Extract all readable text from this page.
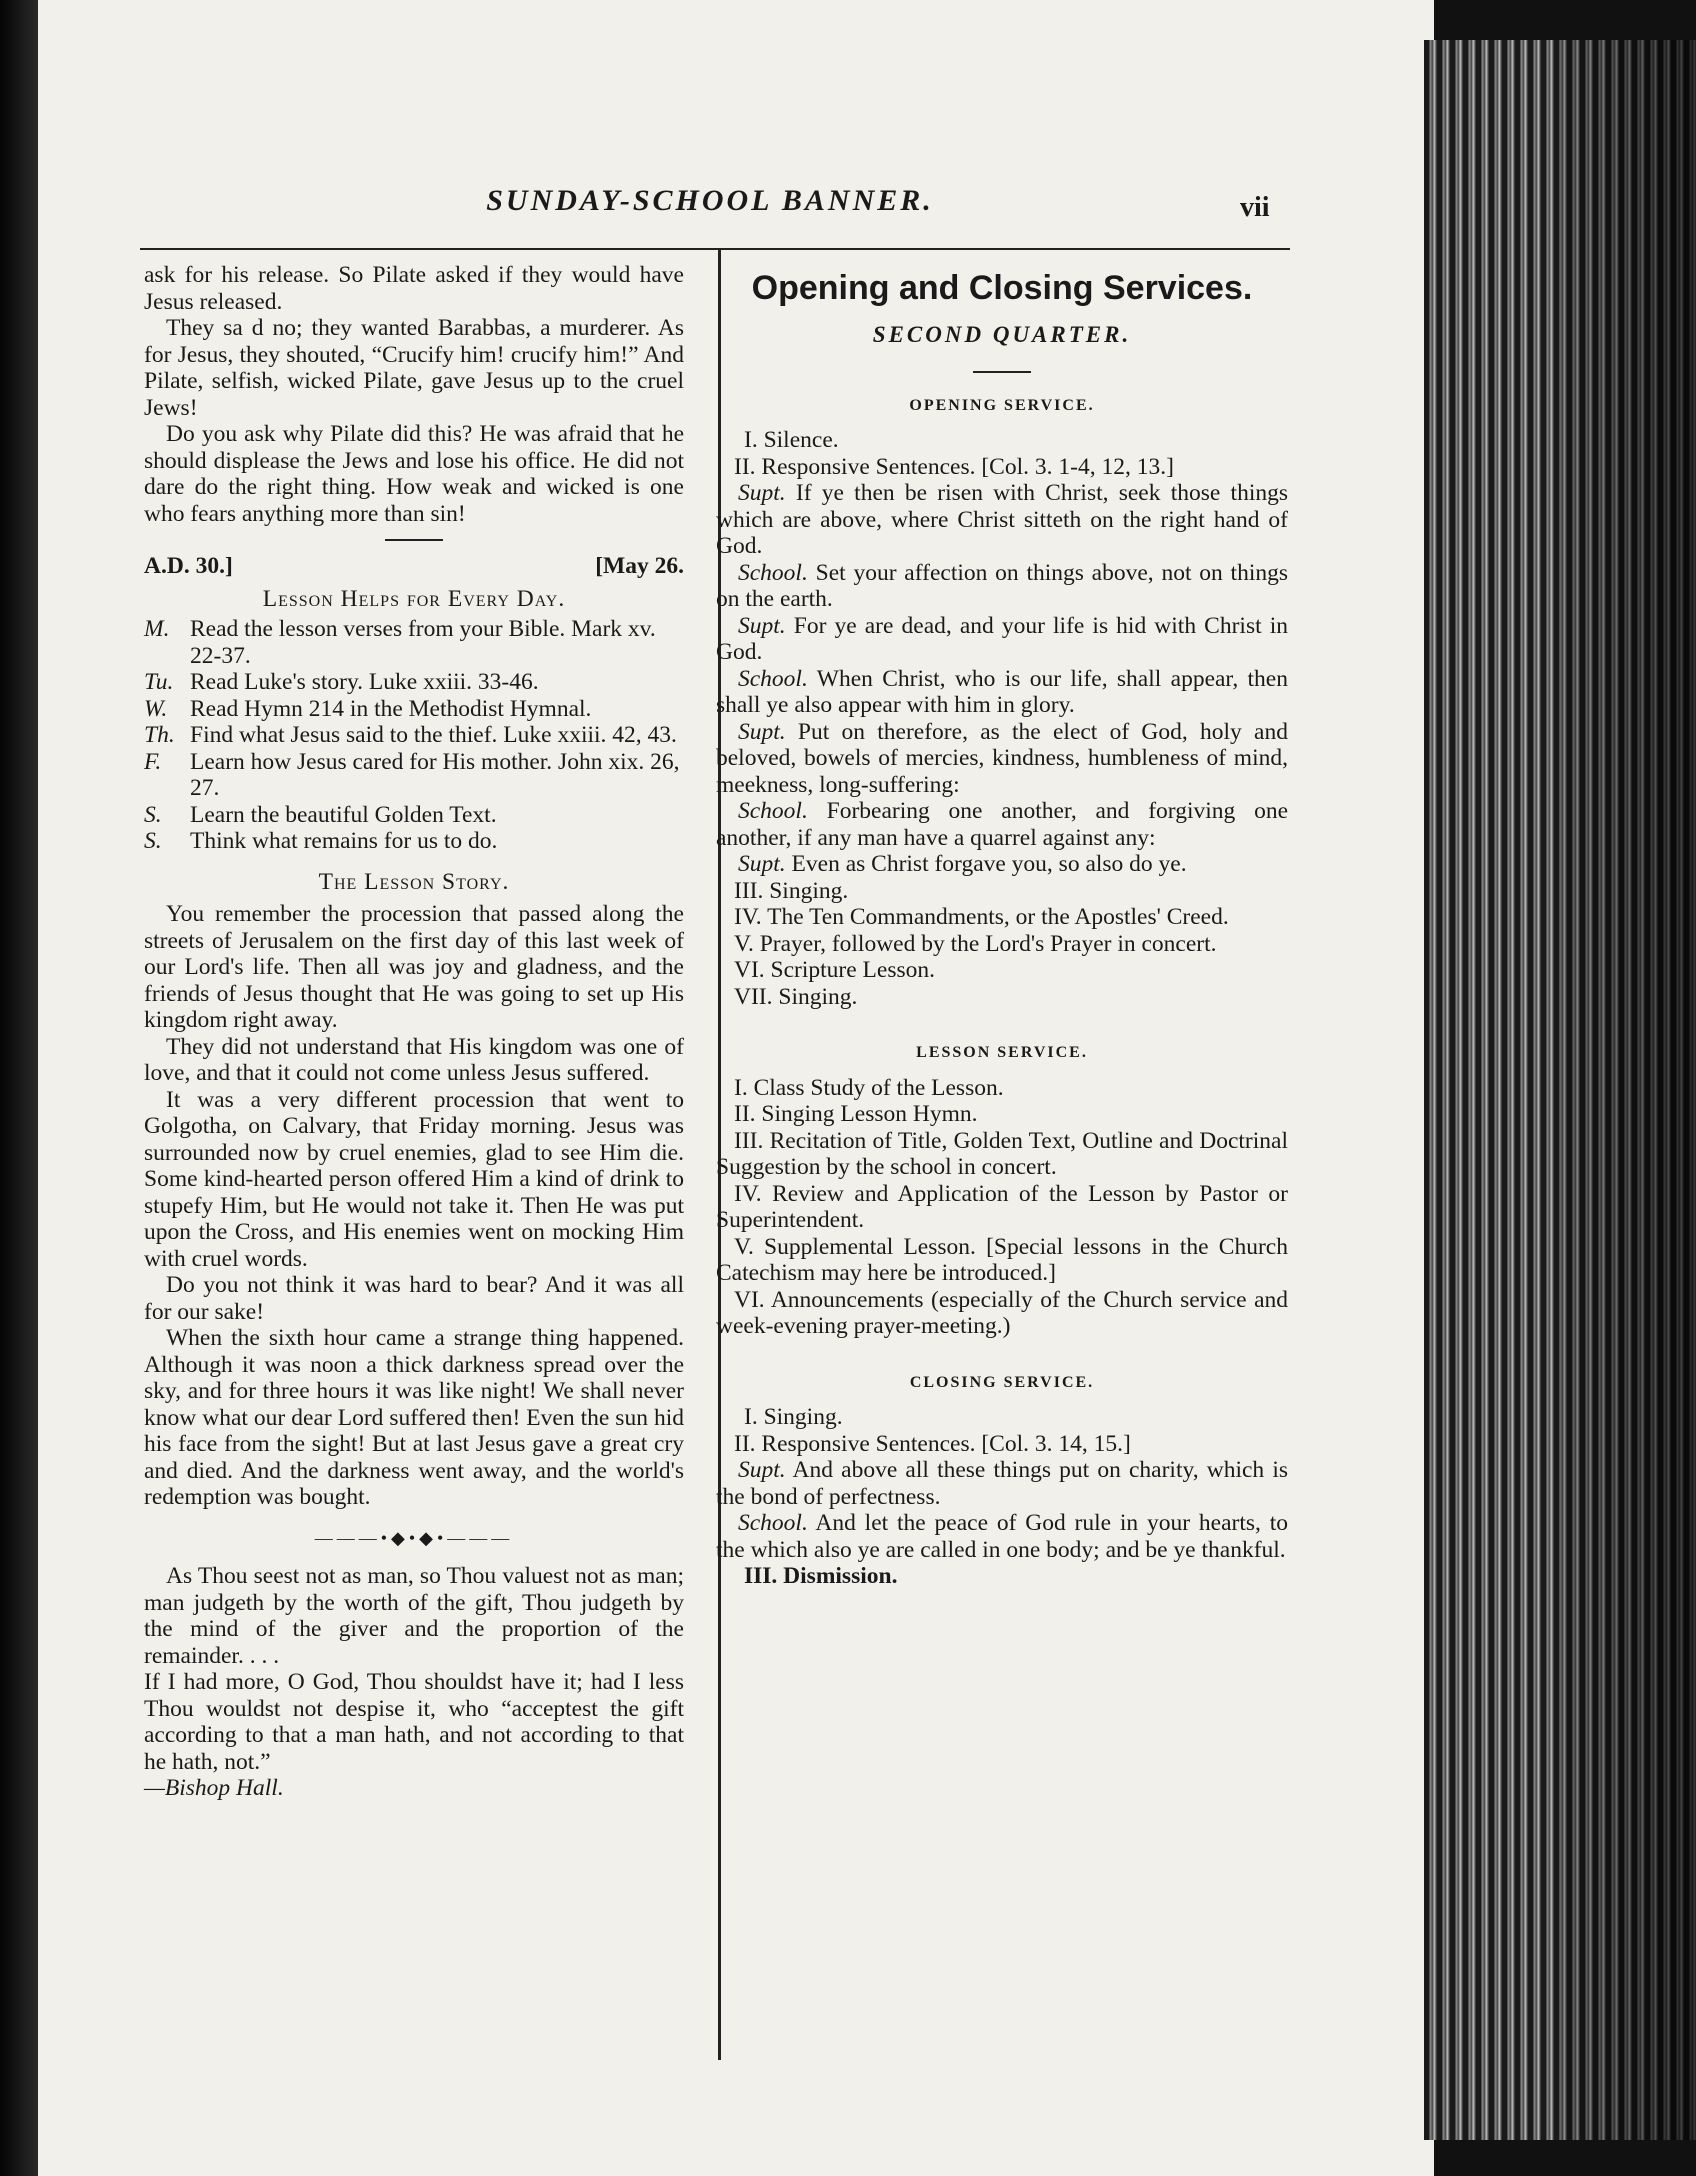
SUNDAY-SCHOOL BANNER.	vii

ask for his release. So Pilate asked if they would have Jesus released.

They sa d no; they wanted Barabbas, a murderer. As for Jesus, they shouted, “Crucify him! crucify him!” And Pilate, selfish, wicked Pilate, gave Jesus up to the cruel Jews!

Do you ask why Pilate did this? He was afraid that he should displease the Jews and lose his office. He did not dare do the right thing. How weak and wicked is one who fears anything more than sin!

A.D. 30.]	[May 26.
Lesson Helps for Every Day.
M. Read the lesson verses from your Bible. Mark xv. 22-37.
Tu. Read Luke's story. Luke xxiii. 33-46.
W. Read Hymn 214 in the Methodist Hymnal.
Th. Find what Jesus said to the thief. Luke xxiii. 42, 43.
F.	Learn how Jesus cared for His mother. John xix. 26, 27.
S.	Learn the beautiful Golden Text.
S.	Think what remains for us to do.
The Lesson Story.

You remember the procession that passed along the streets of Jerusalem on the first day of this last week of our Lord's life. Then all was joy and gladness, and the friends of Jesus thought that He was going to set up His kingdom right away.

They did not understand that His kingdom was one of love, and that it could not come unless Jesus suffered.

It was a very different procession that went to Golgotha, on Calvary, that Friday morning. Jesus was surrounded now by cruel enemies, glad to see Him die. Some kind-hearted person offered Him a kind of drink to stupefy Him, but He would not take it. Then He was put upon the Cross, and His enemies went on mocking Him with cruel words.

Do you not think it was hard to bear? And it was all for our sake!

When the sixth hour came a strange thing happened. Although it was noon a thick darkness spread over the sky, and for three hours it was like night! We shall never know what our dear Lord suffered then! Even the sun hid his face from the sight! But at last Jesus gave a great cry and died. And the darkness went away, and the world's redemption was bought.

———•◆•◆•———

As Thou seest not as man, so Thou valuest not as man; man judgeth by the worth of the gift, Thou judgeth by the mind of the giver and the proportion of the remainder. . . .

If I had more, O God, Thou shouldst have it; had I less Thou wouldst not despise it, who “acceptest the gift according to that a man hath, and not according to that he hath, not.”

—Bishop Hall.

Opening and Closing Services.
SECOND QUARTER.
OPENING SERVICE.

I. Silence.

II. Responsive Sentences. [Col. 3. 1-4, 12, 13.]

Supt. If ye then be risen with Christ, seek those things which are above, where Christ sitteth on the right hand of God.

School. Set your affection on things above, not on things on the earth.

Supt. For ye are dead, and your life is hid with Christ in God.

School. When Christ, who is our life, shall appear, then shall ye also appear with him in glory.

Supt. Put on therefore, as the elect of God, holy and beloved, bowels of mercies, kindness, humbleness of mind, meekness, long-suffering:

School. Forbearing one another, and forgiving one another, if any man have a quarrel against any:

Supt. Even as Christ forgave you, so also do ye.

III. Singing.

IV. The Ten Commandments, or the Apostles' Creed.

V. Prayer, followed by the Lord's Prayer in concert.

VI. Scripture Lesson.

VII. Singing.

LESSON SERVICE.

I. Class Study of the Lesson.

II. Singing Lesson Hymn.

III. Recitation of Title, Golden Text, Outline and Doctrinal Suggestion by the school in concert.

IV. Review and Application of the Lesson by Pastor or Superintendent.

V. Supplemental Lesson. [Special lessons in the Church Catechism may here be introduced.]

VI. Announcements (especially of the Church service and week-evening prayer-meeting.)

CLOSING SERVICE.

I. Singing.

II. Responsive Sentences. [Col. 3. 14, 15.]

Supt. And above all these things put on charity, which is the bond of perfectness.

School. And let the peace of God rule in your hearts, to the which also ye are called in one body; and be ye thankful.

III. Dismission.
